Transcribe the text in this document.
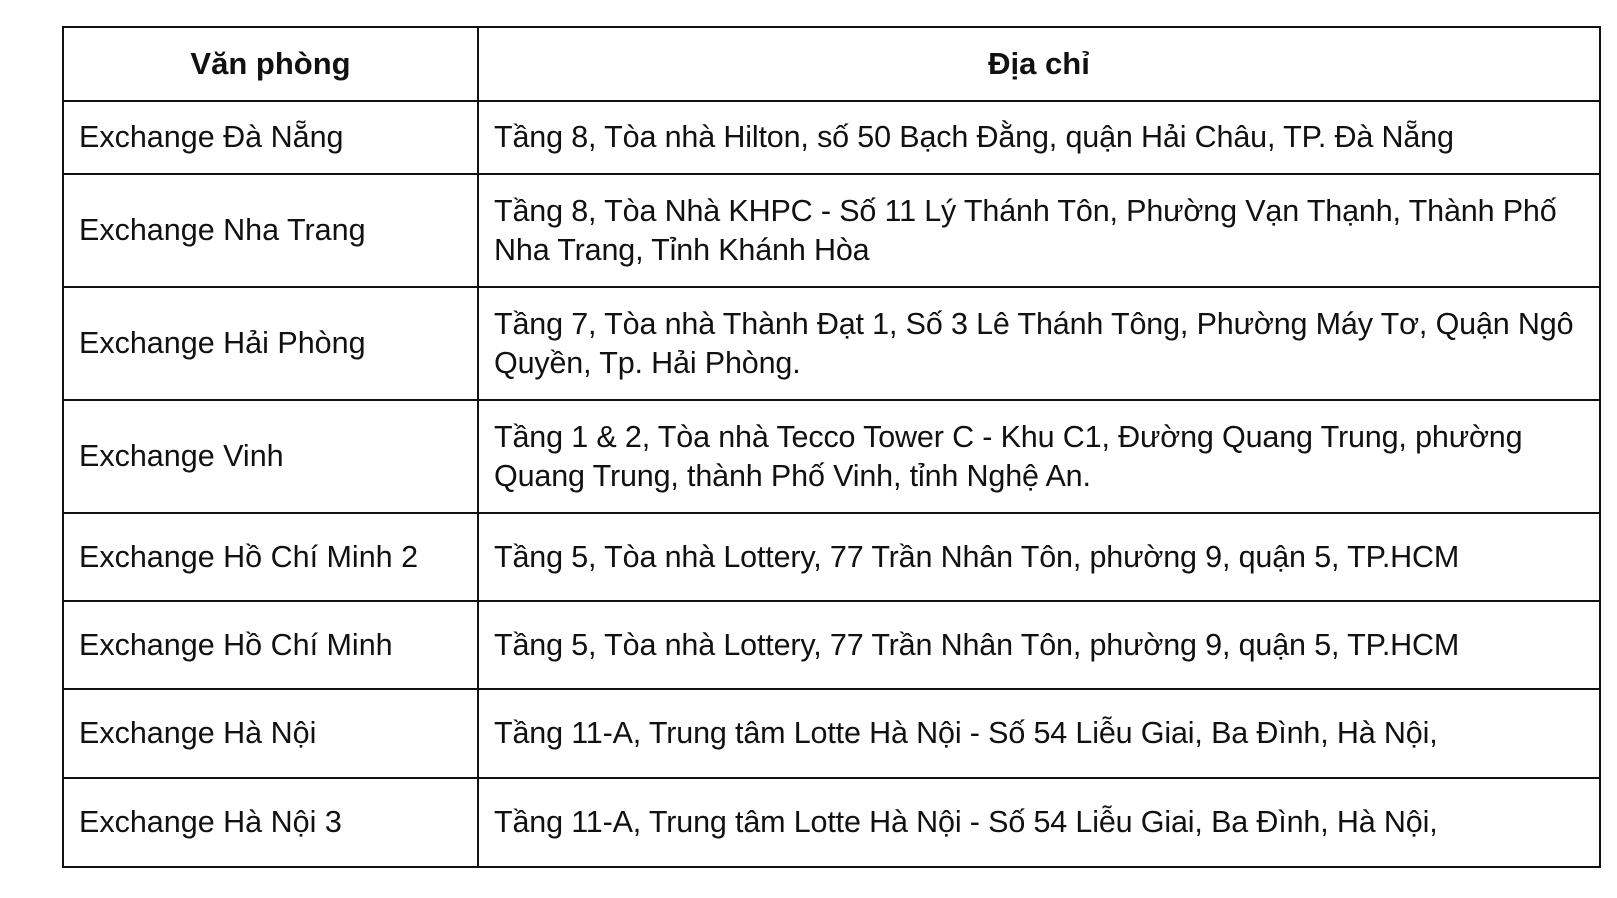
Văn phòng	Địa chỉ
Exchange Đà Nẵng	Tầng 8, Tòa nhà Hilton, số 50 Bạch Đằng, quận Hải Châu, TP. Đà Nẵng
Exchange Nha Trang	Tầng 8, Tòa Nhà KHPC - Số 11 Lý Thánh Tôn, Phường Vạn Thạnh, Thành Phố Nha Trang, Tỉnh Khánh Hòa
Exchange Hải Phòng	Tầng 7, Tòa nhà Thành Đạt 1, Số 3 Lê Thánh Tông, Phường Máy Tơ, Quận Ngô Quyền, Tp. Hải Phòng.
Exchange Vinh	Tầng 1 & 2, Tòa nhà Tecco Tower C - Khu C1, Đường Quang Trung, phường Quang Trung, thành Phố Vinh, tỉnh Nghệ An.
Exchange Hồ Chí Minh 2	Tầng 5, Tòa nhà Lottery, 77 Trần Nhân Tôn, phường 9, quận 5, TP.HCM
Exchange Hồ Chí Minh	Tầng 5, Tòa nhà Lottery, 77 Trần Nhân Tôn, phường 9, quận 5, TP.HCM
Exchange Hà Nội	Tầng 11-A, Trung tâm Lotte Hà Nội - Số 54 Liễu Giai, Ba Đình, Hà Nội,
Exchange Hà Nội 3	Tầng 11-A, Trung tâm Lotte Hà Nội - Số 54 Liễu Giai, Ba Đình, Hà Nội,
